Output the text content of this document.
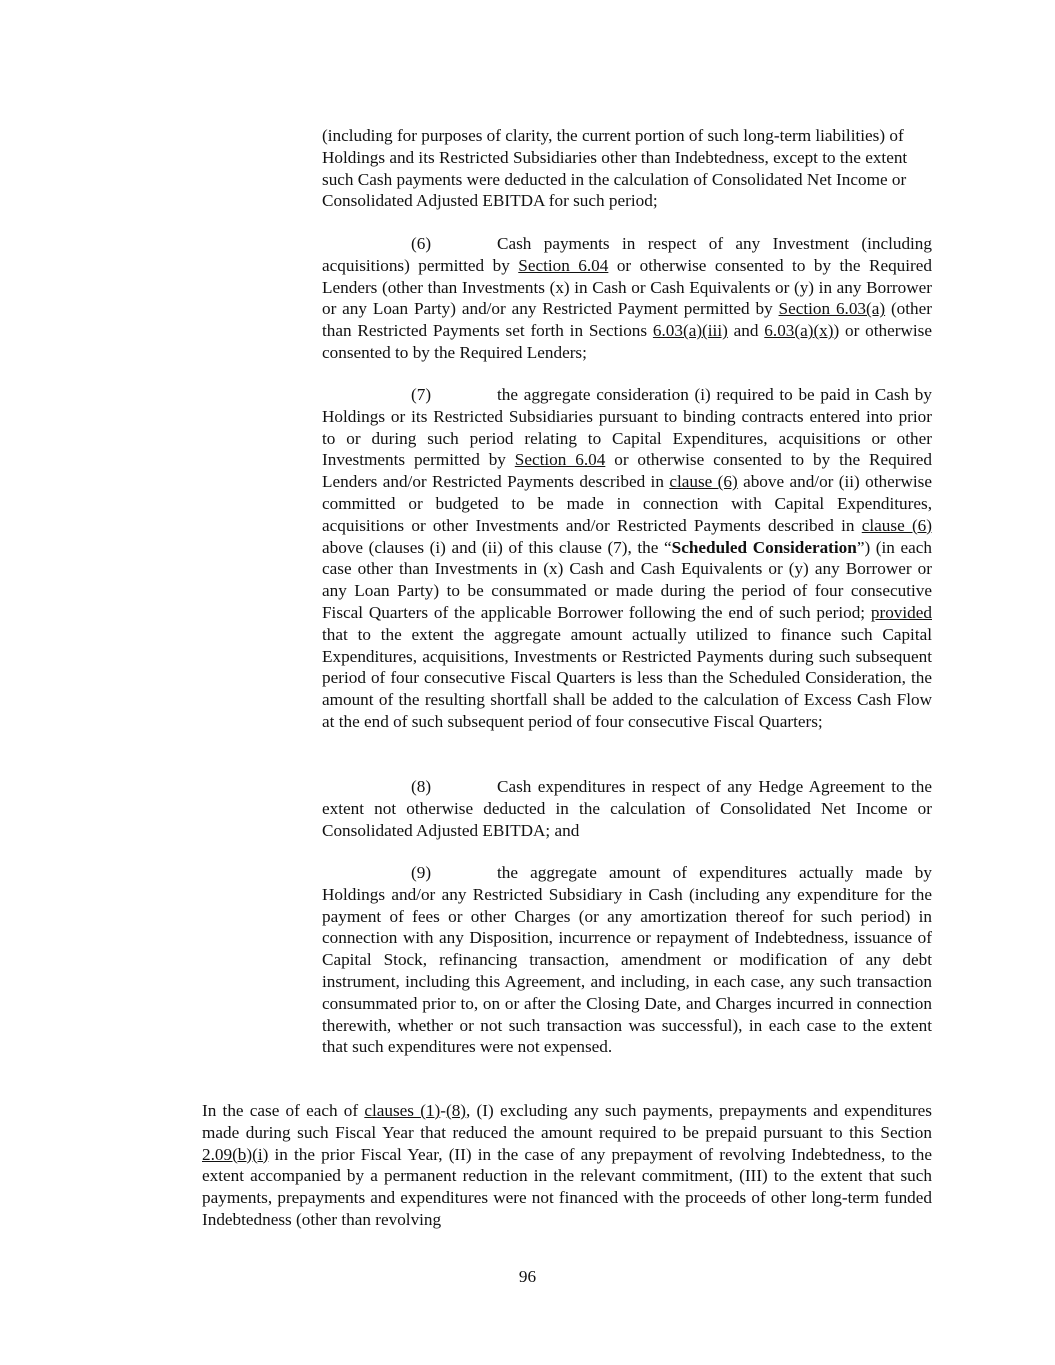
(including for purposes of clarity, the current portion of such long-term liabilities) of Holdings and its Restricted Subsidiaries other than Indebtedness, except to the extent such Cash payments were deducted in the calculation of Consolidated Net Income or Consolidated Adjusted EBITDA for such period;

(6)	Cash payments in respect of any Investment (including acquisitions) permitted by Section 6.04 or otherwise consented to by the Required Lenders (other than Investments (x) in Cash or Cash Equivalents or (y) in any Borrower or any Loan Party) and/or any Restricted Payment permitted by Section 6.03(a) (other than Restricted Payments set forth in Sections 6.03(a)(iii) and 6.03(a)(x)) or otherwise consented to by the Required Lenders;

(7)	the aggregate consideration (i) required to be paid in Cash by Holdings or its Restricted Subsidiaries pursuant to binding contracts entered into prior to or during such period relating to Capital Expenditures, acquisitions or other Investments permitted by Section 6.04 or otherwise consented to by the Required Lenders and/or Restricted Payments described in clause (6) above and/or (ii) otherwise committed or budgeted to be made in connection with Capital Expenditures, acquisitions or other Investments and/or Restricted Payments described in clause (6) above (clauses (i) and (ii) of this clause (7), the “Scheduled Consideration”) (in each case other than Investments in (x) Cash and Cash Equivalents or (y) any Borrower or any Loan Party) to be consummated or made during the period of four consecutive Fiscal Quarters of the applicable Borrower following the end of such period; provided that to the extent the aggregate amount actually utilized to finance such Capital Expenditures, acquisitions, Investments or Restricted Payments during such subsequent period of four consecutive Fiscal Quarters is less than the Scheduled Consideration, the amount of the resulting shortfall shall be added to the calculation of Excess Cash Flow at the end of such subsequent period of four consecutive Fiscal Quarters;

(8)	Cash expenditures in respect of any Hedge Agreement to the extent not otherwise deducted in the calculation of Consolidated Net Income or Consolidated Adjusted EBITDA; and

(9)	the aggregate amount of expenditures actually made by Holdings and/or any Restricted Subsidiary in Cash (including any expenditure for the payment of fees or other Charges (or any amortization thereof for such period) in connection with any Disposition, incurrence or repayment of Indebtedness, issuance of Capital Stock, refinancing transaction, amendment or modification of any debt instrument, including this Agreement, and including, in each case, any such transaction consummated prior to, on or after the Closing Date, and Charges incurred in connection therewith, whether or not such transaction was successful), in each case to the extent that such expenditures were not expensed.

In the case of each of clauses (1)-(8), (I) excluding any such payments, prepayments and expenditures made during such Fiscal Year that reduced the amount required to be prepaid pursuant to this Section 2.09(b)(i) in the prior Fiscal Year, (II) in the case of any prepayment of revolving Indebtedness, to the extent accompanied by a permanent reduction in the relevant commitment, (III) to the extent that such payments, prepayments and expenditures were not financed with the proceeds of other long-term funded Indebtedness (other than revolving

96
